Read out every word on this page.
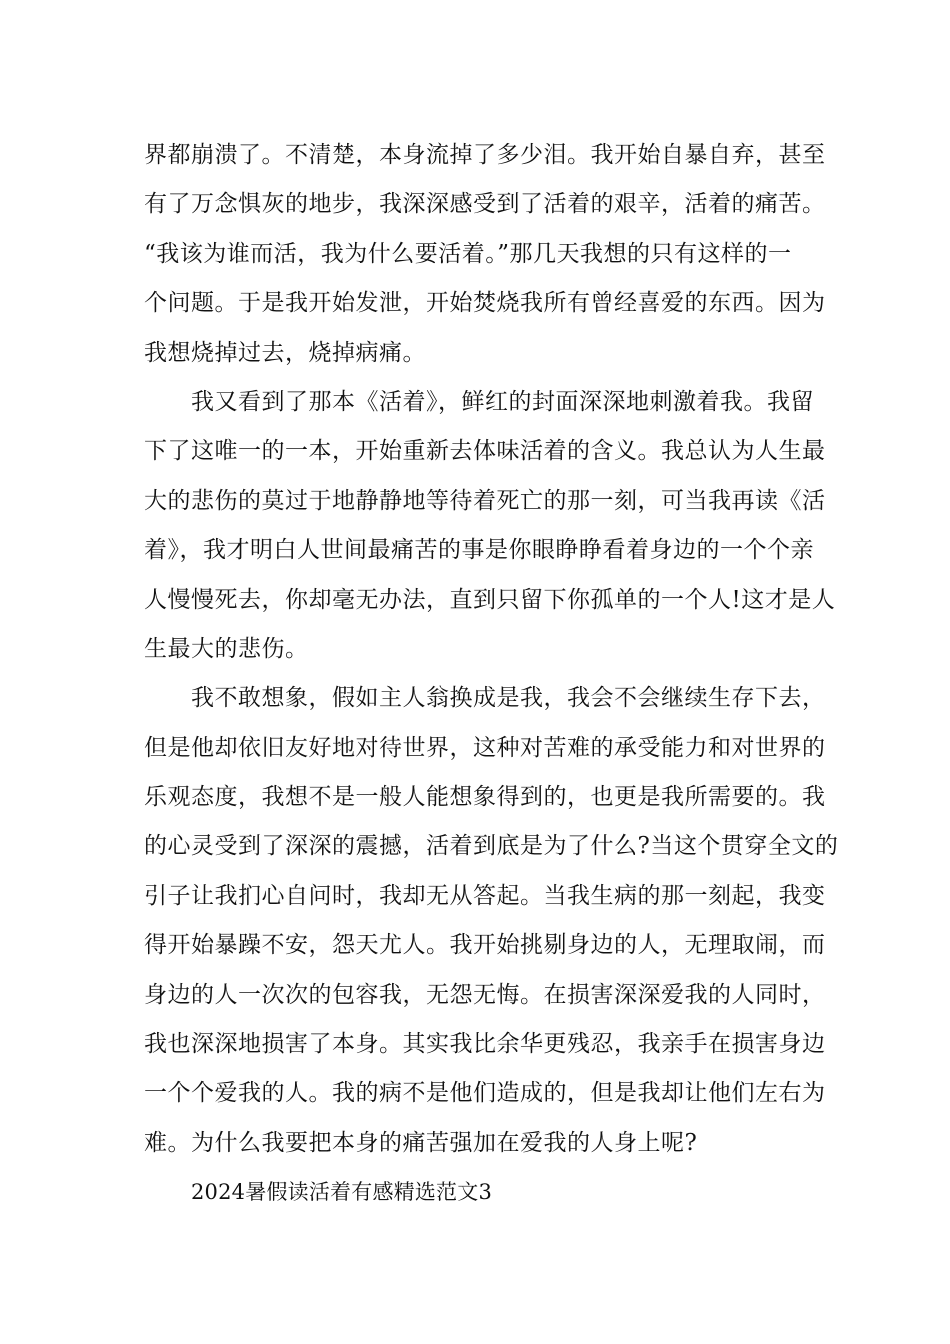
界都崩溃了。不清楚，本身流掉了多少泪。我开始自暴自弃，甚至
有了万念惧灰的地步，我深深感受到了活着的艰辛，活着的痛苦。
“我该为谁而活，我为什么要活着。”那几天我想的只有这样的一
个问题。于是我开始发泄，开始焚烧我所有曾经喜爱的东西。因为
我想烧掉过去，烧掉病痛。
我又看到了那本《活着》，鲜红的封面深深地刺激着我。我留
下了这唯一的一本，开始重新去体味活着的含义。我总认为人生最
大的悲伤的莫过于地静静地等待着死亡的那一刻，可当我再读《活
着》，我才明白人世间最痛苦的事是你眼睁睁看着身边的一个个亲
人慢慢死去，你却毫无办法，直到只留下你孤单的一个人!这才是人
生最大的悲伤。
我不敢想象，假如主人翁换成是我，我会不会继续生存下去，
但是他却依旧友好地对待世界，这种对苦难的承受能力和对世界的
乐观态度，我想不是一般人能想象得到的，也更是我所需要的。我
的心灵受到了深深的震撼，活着到底是为了什么?当这个贯穿全文的
引子让我扪心自问时，我却无从答起。当我生病的那一刻起，我变
得开始暴躁不安，怨天尤人。我开始挑剔身边的人，无理取闹，而
身边的人一次次的包容我，无怨无悔。在损害深深爱我的人同时，
我也深深地损害了本身。其实我比余华更残忍，我亲手在损害身边
一个个爱我的人。我的病不是他们造成的，但是我却让他们左右为
难。为什么我要把本身的痛苦强加在爱我的人身上呢?
2024暑假读活着有感精选范文3
